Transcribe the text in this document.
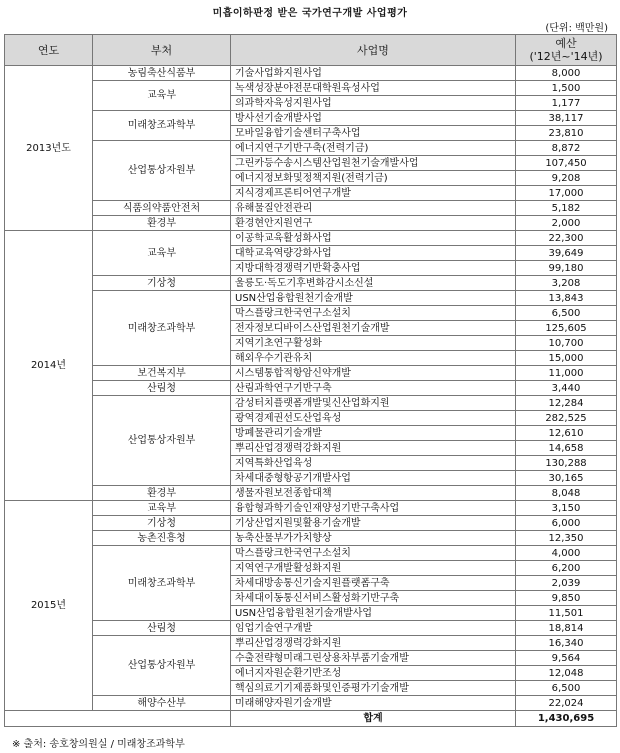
미흡이하판정 받은 국가연구개발 사업평가
(단위: 백만원)
연도	부처	사업명	예산
('12년~'14년)

2013년도	농림축산식품부	기술사업화지원사업	8,000
	교육부	녹색성장분야전문대학원육성사업	1,500
		의과학자육성지원사업	1,177
	미래창조과학부	방사선기술개발사업	38,117
		모바일융합기술센터구축사업	23,810
	산업통상자원부	에너지연구기반구축(전력기금)	8,872
		그린카등수송시스템산업원천기술개발사업	107,450
		에너지정보화및정책지원(전력기금)	9,208
		지식경제프론티어연구개발	17,000
	식품의약품안전처	유해물질안전관리	5,182
	환경부	환경현안지원연구	2,000
2014년	교육부	이공학교육활성화사업	22,300
		대학교육역량강화사업	39,649
		지방대학경쟁력기반확충사업	99,180
	기상청	울릉도·독도기후변화감시소신설	3,208
	미래창조과학부	USN산업융합원천기술개발	13,843
		막스플랑크한국연구소설치	6,500
		전자정보디바이스산업원천기술개발	125,605
		지역기초연구활성화	10,700
		해외우수기관유치	15,000
	보건복지부	시스템통합적항암신약개발	11,000
	산림청	산림과학연구기반구축	3,440
	산업통상자원부	감성터치플랫폼개발및신산업화지원	12,284
		광역경제권선도산업육성	282,525
		방폐물관리기술개발	12,610
		뿌리산업경쟁력강화지원	14,658
		지역특화산업육성	130,288
		차세대중형항공기개발사업	30,165
	환경부	생물자원보전종합대책	8,048
2015년	교육부	융합형과학기술인재양성기반구축사업	3,150
	기상청	기상산업지원및활용기술개발	6,000
	농촌진흥청	농축산물부가가치향상	12,350
	미래창조과학부	막스플랑크한국연구소설치	4,000
		지역연구개발활성화지원	6,200
		차세대방송통신기술지원플랫폼구축	2,039
		차세대이동통신서비스활성화기반구축	9,850
		USN산업융합원천기술개발사업	11,501
	산림청	임업기술연구개발	18,814
	산업통상자원부	뿌리산업경쟁력강화지원	16,340
		수출전략형미래그린상용차부품기술개발	9,564
		에너지자원순환기반조성	12,048
		핵심의료기기제품화및인증평가기술개발	6,500
	해양수산부	미래해양자원기술개발	22,024
		합계	1,430,695
※ 출처: 송호창의원실 / 미래창조과학부
